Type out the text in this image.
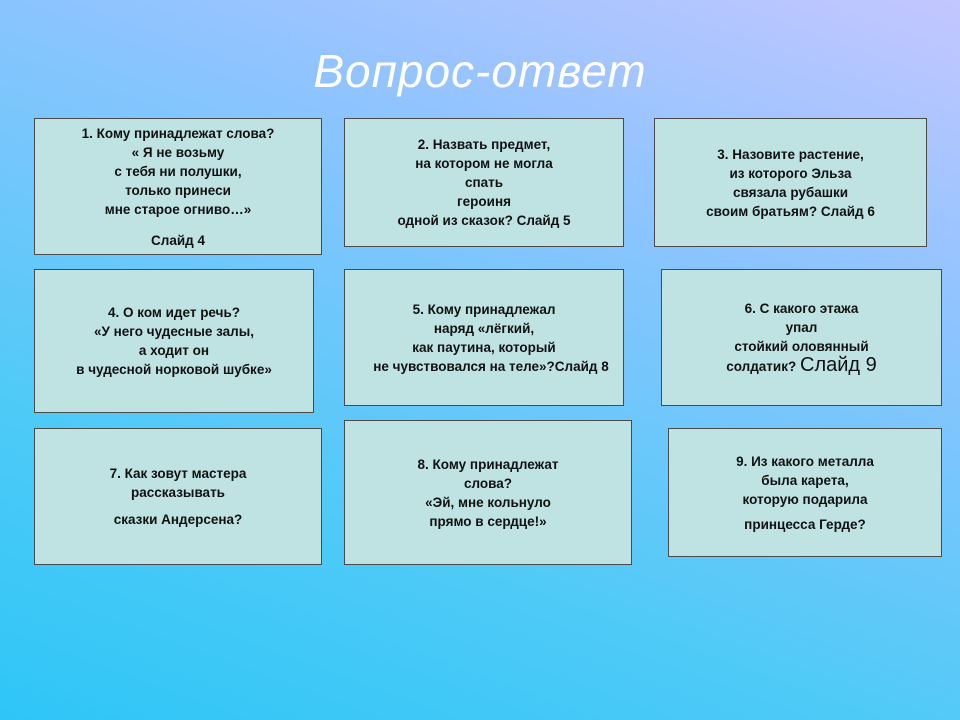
Вопрос-ответ
1. Кому принадлежат слова?
« Я не возьму
с тебя ни полушки,
только принеси
мне старое огниво…»
Слайд 4
2. Назвать предмет,
на котором не могла
спать
героиня
одной из сказок? Слайд 5
3. Назовите растение,
из которого Эльза
связала рубашки
своим братьям? Слайд 6
4. О ком идет речь?
«У него чудесные залы,
а ходит он
в чудесной норковой шубке»
5. Кому принадлежал
наряд «лёгкий,
как паутина, который
не чувствовался на теле»?Слайд 8
6. С какого этажа
упал
стойкий оловянный
солдатик? Слайд 9
7. Как зовут мастера
рассказывать
сказки Андерсена?
8. Кому принадлежат
слова?
«Эй, мне кольнуло
прямо в сердце!»
9. Из какого металла
была карета,
которую подарила
принцесса Герде?
